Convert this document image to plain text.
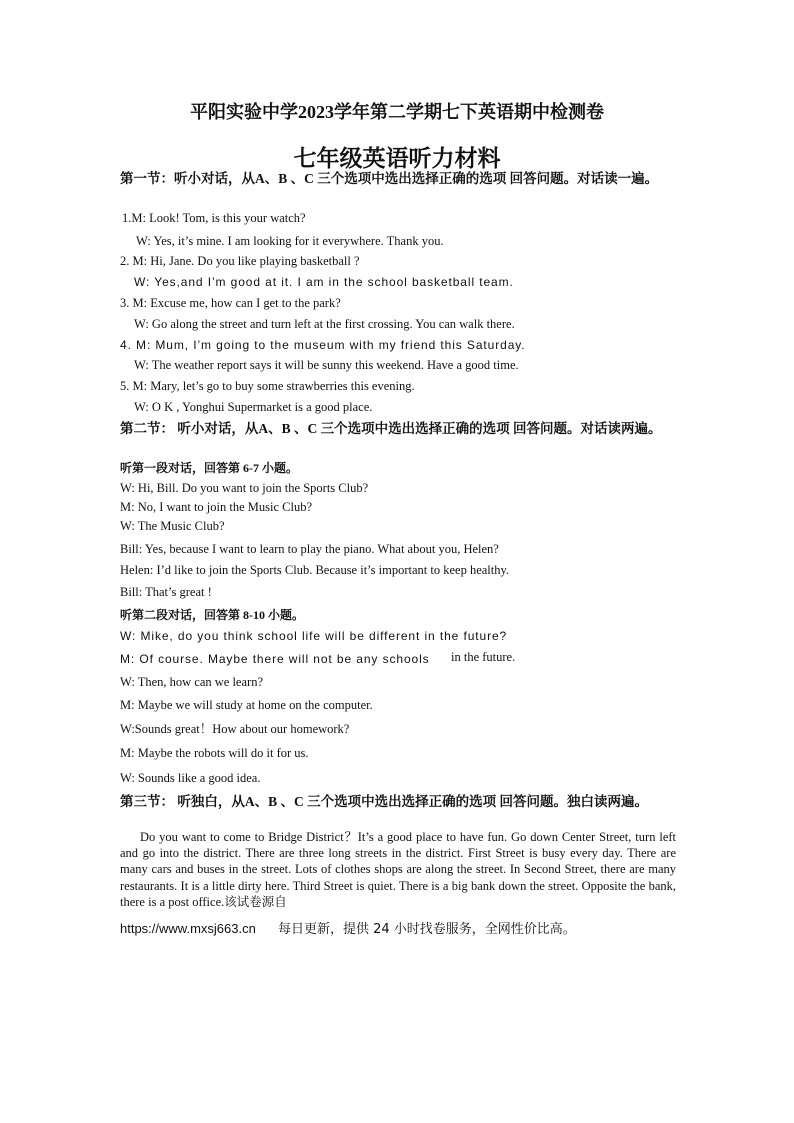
平阳实验中学2023学年第二学期七下英语期中检测卷
七年级英语听力材料
第一节：听小对话，从A、B 、C 三个选项中选出选择正确的选项 回答问题。对话读一遍。
1.M: Look! Tom, is this your watch?
W: Yes, it’s mine. I am looking for it everywhere. Thank you.
2. M: Hi, Jane. Do you like playing basketball ?
W: Yes,and I’m good at it. I am in the school basketball team.
3. M: Excuse me, how can I get to the park?
W: Go along the street and turn left at the first crossing. You can walk there.
4. M: Mum, I’m going to the museum with my friend this Saturday.
W: The weather report says it will be sunny this weekend. Have a good time.
5. M: Mary, let’s go to buy some strawberries this evening.
W: O K , Yonghui Supermarket is a good place.
第二节： 听小对话，从A、B 、C 三个选项中选出选择正确的选项 回答问题。对话读两遍。
听第一段对话，回答第 6-7 小题。
W: Hi, Bill. Do you want to join the Sports Club?
M: No, I want to join the Music Club?
W: The Music Club?
Bill: Yes, because I want to learn to play the piano. What about you, Helen?
Helen: I’d like to join the Sports Club. Because it’s important to keep healthy.
Bill: That’s great !
听第二段对话，回答第 8-10 小题。
W: Mike, do you think school life will be different in the future?
M: Of course. Maybe there will not be any schools in the future.
W: Then, how can we learn?
M: Maybe we will study at home on the computer.
W:Sounds great！How about our homework?
M: Maybe the robots will do it for us.
W: Sounds like a good idea.
第三节： 听独白，从A、B 、C 三个选项中选出选择正确的选项 回答问题。独白读两遍。
Do you want to come to Bridge District？It’s a good place to have fun. Go down Center Street, turn left and go into the district. There are three long streets in the district. First Street is busy every day. There are many cars and buses in the street. Lots of clothes shops are along the street. In Second Street, there are many restaurants. It is a little dirty here. Third Street is quiet. There is a big bank down the street. Opposite the bank, there is a post office.该试卷源自
https://www.mxsj663.cn 每日更新，提供 24 小时找卷服务，全网性价比高。
